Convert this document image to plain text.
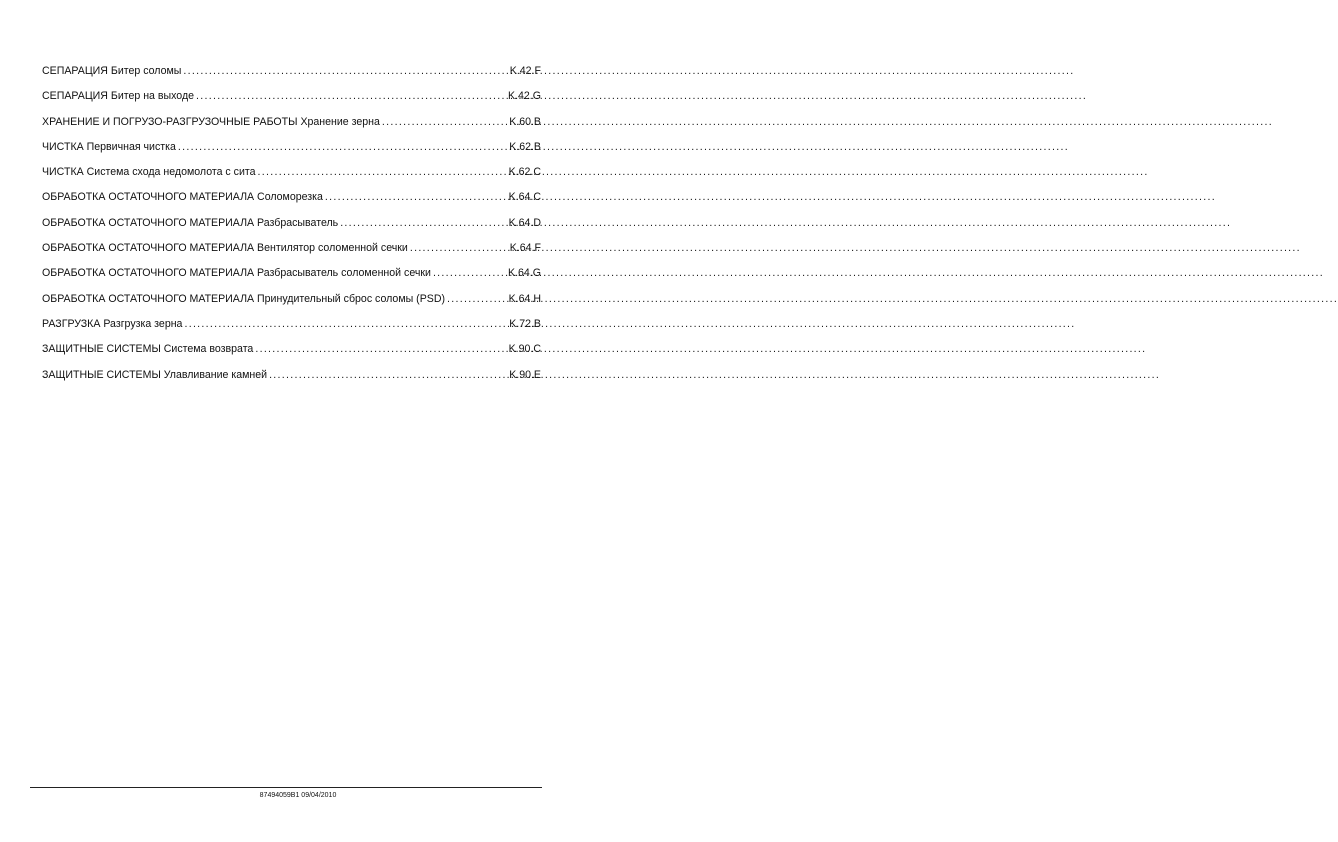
СЕПАРАЦИЯ Битер соломы .....	K.42.F
СЕПАРАЦИЯ Битер на выходе .....	K.42.G
ХРАНЕНИЕ И ПОГРУЗО-РАЗГРУЗОЧНЫЕ РАБОТЫ Хранение зерна .....	K.60.B
ЧИСТКА Первичная чистка .....	K.62.B
ЧИСТКА Система схода недомолота с сита .....	K.62.C
ОБРАБОТКА ОСТАТОЧНОГО МАТЕРИАЛА Соломорезка .....	K.64.C
ОБРАБОТКА ОСТАТОЧНОГО МАТЕРИАЛА Разбрасыватель .....	K.64.D
ОБРАБОТКА ОСТАТОЧНОГО МАТЕРИАЛА Вентилятор соломенной сечки .....	K.64.F
ОБРАБОТКА ОСТАТОЧНОГО МАТЕРИАЛА Разбрасыватель соломенной сечки .....	K.64.G
ОБРАБОТКА ОСТАТОЧНОГО МАТЕРИАЛА Принудительный сброс соломы (PSD) .....	K.64.H
РАЗГРУЗКА Разгрузка зерна .....	K.72.B
ЗАЩИТНЫЕ СИСТЕМЫ Система возврата .....	K.90.C
ЗАЩИТНЫЕ СИСТЕМЫ Улавливание камней .....	K.90.E
87494059B1 09/04/2010
